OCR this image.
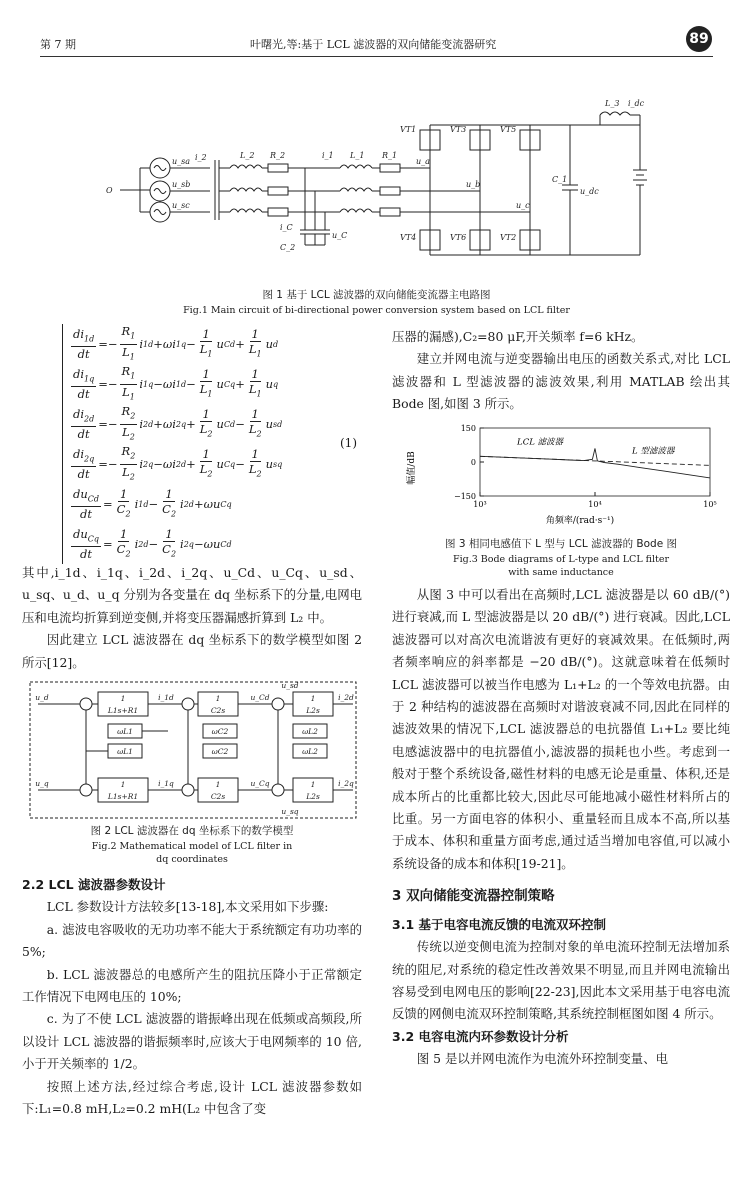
第 7 期	叶曙光,等:基于 LCL 滤波器的双向储能变流器研究	89
O
u_sa
u_sb
u_sc
i_2	L_2 R_2	i_1 L_1 R_1
u_a
u_b
u_c
i_C
C_2
u_C
VT1	VT3	VT5
VT4	VT6	VT2
C_1
u_dc
L_3 i_dc
图 1 基于 LCL 滤波器的双向储能变流器主电路图
Fig.1 Main circuit of bi-directional power conversion system based on LCL filter
$\frac{di_{1d}}{dt} =- \frac{R_1}{L_1}$ i 1d +ωi $1q - \frac{1}{L_1}$ u $Cd + \frac{1}{L_1}$ u d
$\frac{di_{1q}}{dt} =- \frac{R_1}{L_1}$ i 1q −ωi $1d - \frac{1}{L_1}$ u $Cq + \frac{1}{L_1}$ u q
$\frac{di_{2d}}{dt} =- \frac{R_2}{L_2}$ i 2d +ωi $2q + \frac{1}{L_2}$ u $Cd - \frac{1}{L_2}$ u sd
$\frac{di_{2q}}{dt} =- \frac{R_2}{L_2}$ i 2q −ωi $2d + \frac{1}{L_2}$ u $Cq - \frac{1}{L_2}$ u sq
$\frac{du_{Cd}}{dt} = \frac{1}{C_2}$ i $1d - \frac{1}{C_2}$ i 2d +ωu Cq
$\frac{du_{Cq}}{dt} = \frac{1}{C_2}$ i $2d - \frac{1}{C_2}$ i 2q −ωu Cd
(1)

其中,i_1d、i_1q、i_2d、i_2q、u_Cd、u_Cq、u_sd、u_sq、u_d、u_q 分别为各变量在 dq 坐标系下的分量,电网电压和电流均折算到逆变侧,并将变压器漏感折算到 L₂ 中。

因此建立 LCL 滤波器在 dq 坐标系下的数学模型如图 2 所示[12]。

1
L1s+R1
1
C2s
1
L2s
1
L1s+R1
1
C2s
1
L2s
ωL1
ωL1
ωC2
ωC2
ωL2
ωL2
u_d	i_1d	u_Cd
u_sd
i_2d
u_q	i_1q	u_Cq
u_sq
i_2q
图 2 LCL 滤波器在 dq 坐标系下的数学模型
Fig.2 Mathematical model of LCL filter in
dq coordinates

2.2 LCL 滤波器参数设计

LCL 参数设计方法较多[13-18],本文采用如下步骤:

a. 滤波电容吸收的无功功率不能大于系统额定有功功率的 5%;

b. LCL 滤波器总的电感所产生的阻抗压降小于正常额定工作情况下电网电压的 10%;

c. 为了不使 LCL 滤波器的谐振峰出现在低频或高频段,所以设计 LCL 滤波器的谐振频率时,应该大于电网频率的 10 倍,小于开关频率的 1/2。

按照上述方法,经过综合考虑,设计 LCL 滤波器参数如下:L₁=0.8 mH,L₂=0.2 mH(L₂ 中包含了变

压器的漏感),C₂=80 μF,开关频率 f=6 kHz。

建立并网电流与逆变器输出电压的函数关系式,对比 LCL 滤波器和 L 型滤波器的滤波效果,利用 MATLAB 绘出其 Bode 图,如图 3 所示。

幅值/dB
角频率/(rad·s⁻¹)
150
0
−150
10³	10⁴	10⁵
LCL 滤波器
L 型滤波器
图 3 相同电感值下 L 型与 LCL 滤波器的 Bode 图
Fig.3 Bode diagrams of L-type and LCL filter
with same inductance

从图 3 中可以看出在高频时,LCL 滤波器是以 60 dB/(°) 进行衰减,而 L 型滤波器是以 20 dB/(°) 进行衰减。因此,LCL 滤波器可以对高次电流谐波有更好的衰减效果。在低频时,两者频率响应的斜率都是 −20 dB/(°)。这就意味着在低频时 LCL 滤波器可以被当作电感为 L₁+L₂ 的一个等效电抗器。由于 2 种结构的滤波器在高频时对谐波衰减不同,因此在同样的滤波效果的情况下,LCL 滤波器总的电抗器值 L₁+L₂ 要比纯电感滤波器中的电抗器值小,滤波器的损耗也小些。考虑到一般对于整个系统设备,磁性材料的电感无论是重量、体积,还是成本所占的比重都比较大,因此尽可能地减小磁性材料所占的比重。另一方面电容的体积小、重量轻而且成本不高,所以基于成本、体积和重量方面考虑,通过适当增加电容值,可以减小系统设备的成本和体积[19-21]。

3 双向储能变流器控制策略

3.1 基于电容电流反馈的电流双环控制

传统以逆变侧电流为控制对象的单电流环控制无法增加系统的阻尼,对系统的稳定性改善效果不明显,而且并网电流输出容易受到电网电压的影响[22-23],因此本文采用基于电容电流反馈的网侧电流双环控制策略,其系统控制框图如图 4 所示。

3.2 电容电流内环参数设计分析

图 5 是以并网电流作为电流外环控制变量、电
